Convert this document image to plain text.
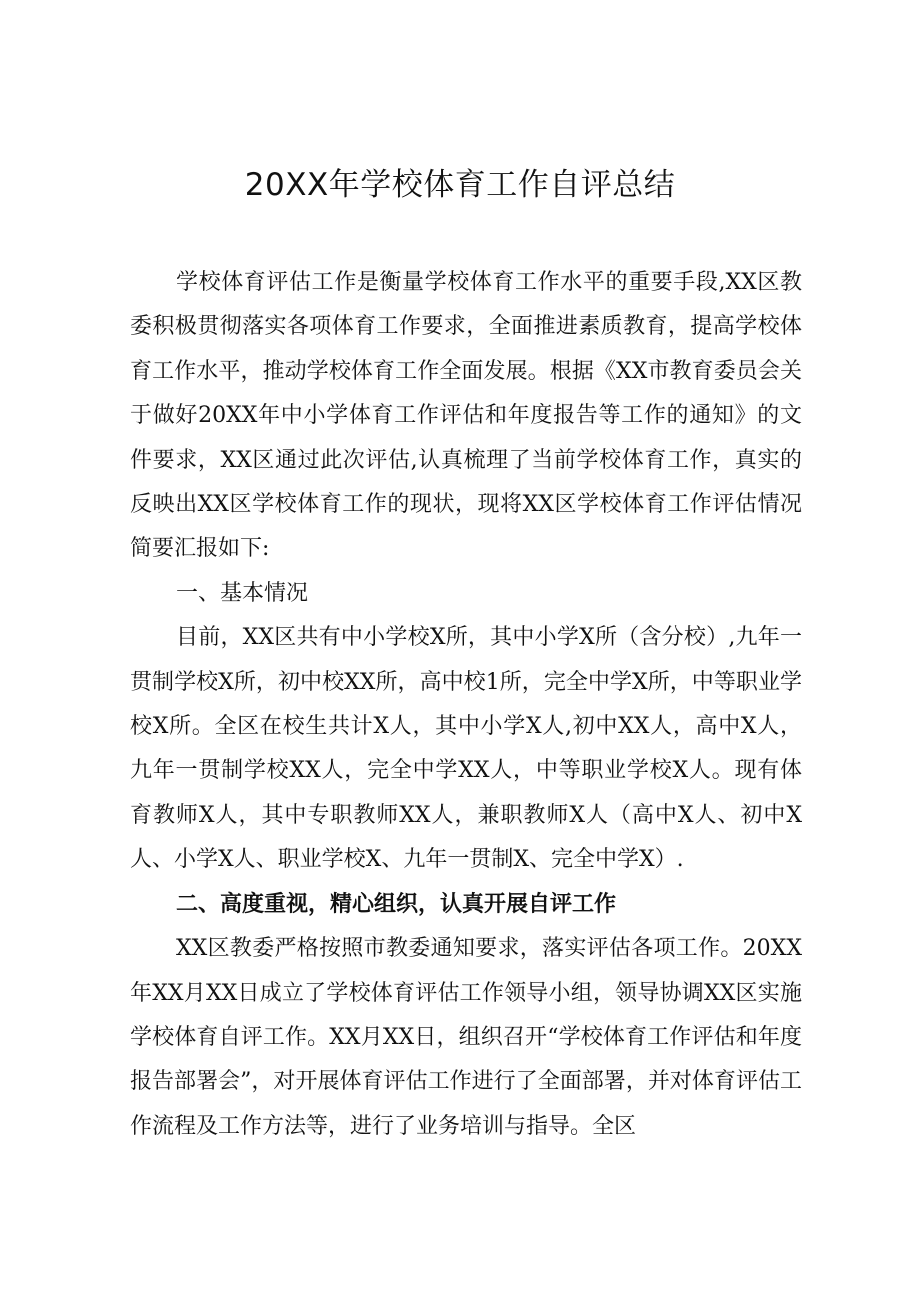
20XX年学校体育工作自评总结

学校体育评估工作是衡量学校体育工作水平的重要手段,XX区教委积极贯彻落实各项体育工作要求，全面推进素质教育，提高学校体育工作水平，推动学校体育工作全面发展。根据《XX市教育委员会关于做好20XX年中小学体育工作评估和年度报告等工作的通知》的文件要求，XX区通过此次评估,认真梳理了当前学校体育工作，真实的反映出XX区学校体育工作的现状，现将XX区学校体育工作评估情况简要汇报如下:

一、基本情况

目前，XX区共有中小学校X所，其中小学X所（含分校）,九年一贯制学校X所，初中校XX所，高中校1所，完全中学X所，中等职业学校X所。全区在校生共计X人，其中小学X人,初中XX人，高中X人，九年一贯制学校XX人，完全中学XX人，中等职业学校X人。现有体育教师X人，其中专职教师XX人，兼职教师X人（高中X人、初中X人、小学X人、职业学校X、九年一贯制X、完全中学X）.

二、高度重视，精心组织，认真开展自评工作

XX区教委严格按照市教委通知要求，落实评估各项工作。20XX年XX月XX日成立了学校体育评估工作领导小组，领导协调XX区实施学校体育自评工作。XX月XX日，组织召开“学校体育工作评估和年度报告部署会”，对开展体育评估工作进行了全面部署，并对体育评估工作流程及工作方法等，进行了业务培训与指导。全区
